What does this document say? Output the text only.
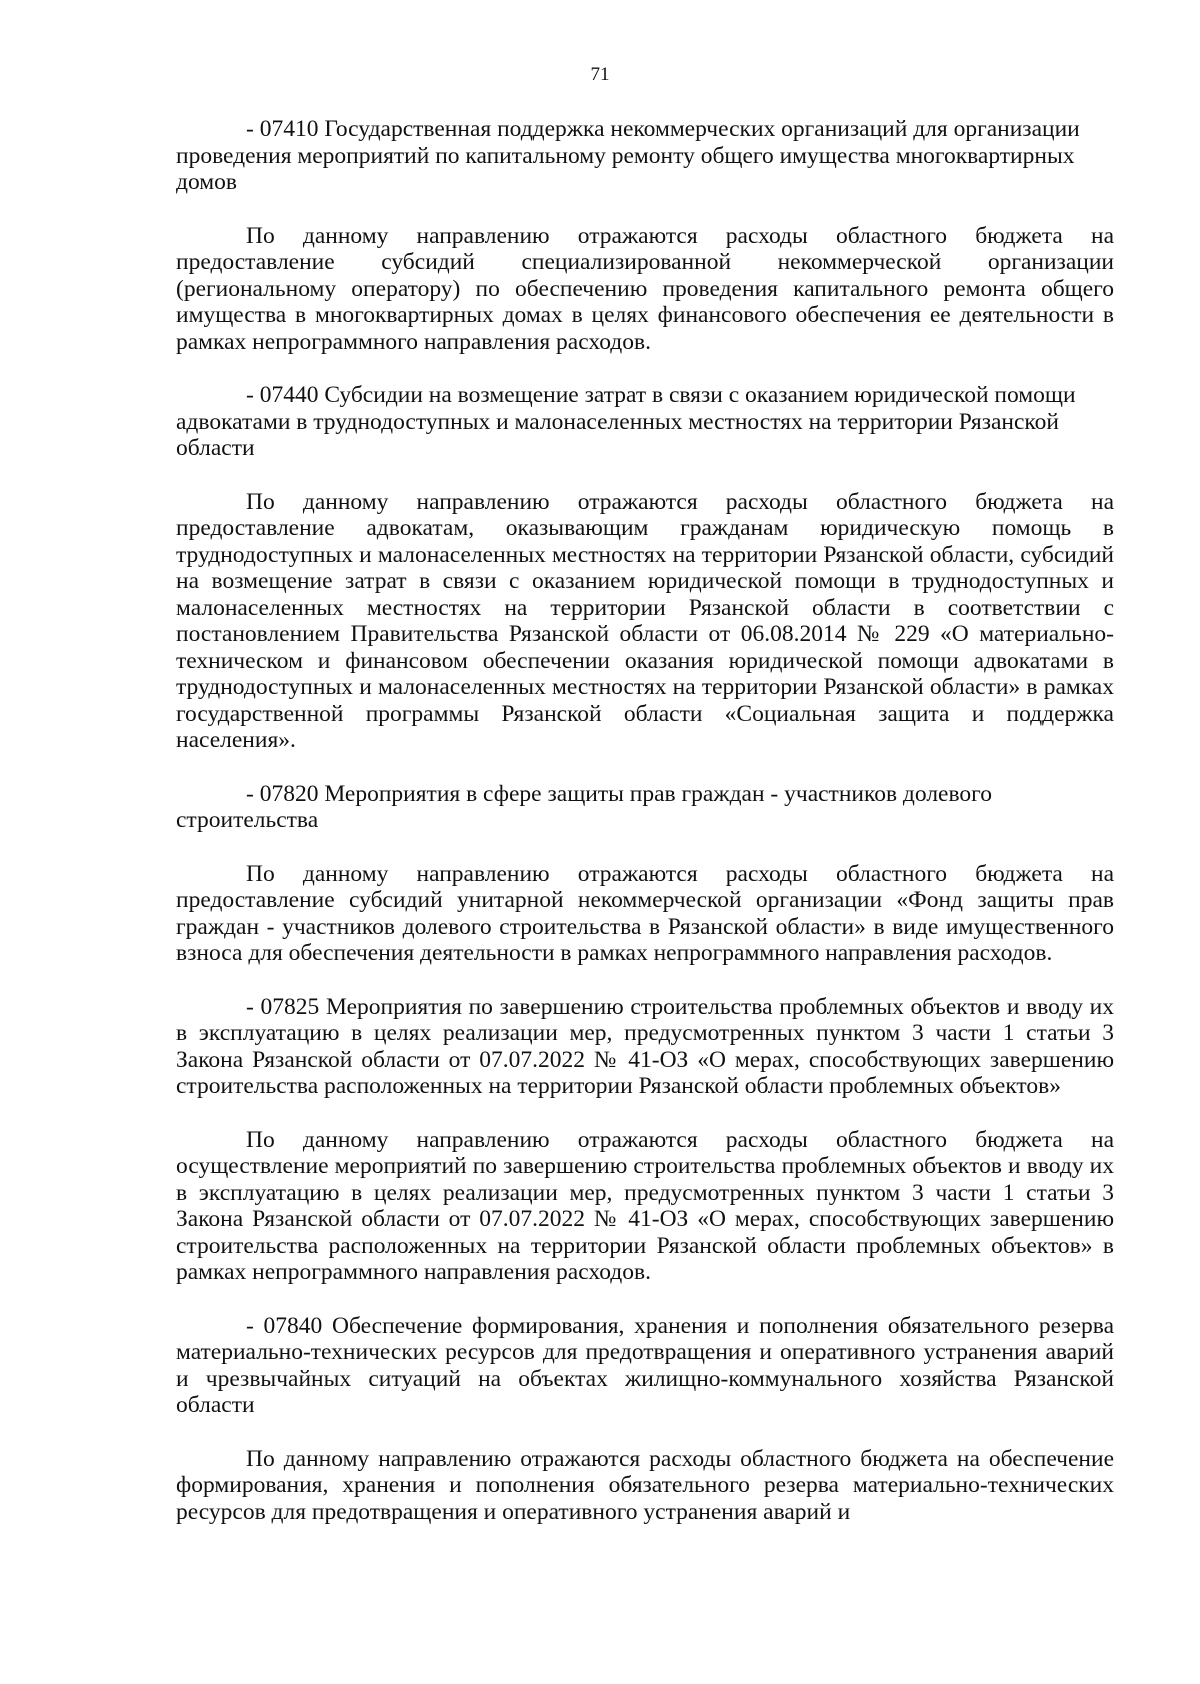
71

- 07410 Государственная поддержка некоммерческих организаций для организации проведения мероприятий по капитальному ремонту общего имущества многоквартирных домов

По данному направлению отражаются расходы областного бюджета на предоставление субсидий специализированной некоммерческой организации (региональному оператору) по обеспечению проведения капитального ремонта общего имущества в многоквартирных домах в целях финансового обеспечения ее деятельности в рамках непрограммного направления расходов.

- 07440 Субсидии на возмещение затрат в связи с оказанием юридической помощи адвокатами в труднодоступных и малонаселенных местностях на территории Рязанской области

По данному направлению отражаются расходы областного бюджета на предоставление адвокатам, оказывающим гражданам юридическую помощь в труднодоступных и малонаселенных местностях на территории Рязанской области, субсидий на возмещение затрат в связи с оказанием юридической помощи в труднодоступных и малонаселенных местностях на территории Рязанской области в соответствии с постановлением Правительства Рязанской области от 06.08.2014 № 229 «О материально-техническом и финансовом обеспечении оказания юридической помощи адвокатами в труднодоступных и малонаселенных местностях на территории Рязанской области» в рамках государственной программы Рязанской области «Социальная защита и поддержка населения».

- 07820 Мероприятия в сфере защиты прав граждан - участников долевого строительства

По данному направлению отражаются расходы областного бюджета на предоставление субсидий унитарной некоммерческой организации «Фонд защиты прав граждан - участников долевого строительства в Рязанской области» в виде имущественного взноса для обеспечения деятельности в рамках непрограммного направления расходов.

- 07825 Мероприятия по завершению строительства проблемных объектов и вводу их в эксплуатацию в целях реализации мер, предусмотренных пунктом 3 части 1 статьи 3 Закона Рязанской области от 07.07.2022 № 41-ОЗ «О мерах, способствующих завершению строительства расположенных на территории Рязанской области проблемных объектов»

По данному направлению отражаются расходы областного бюджета на осуществление мероприятий по завершению строительства проблемных объектов и вводу их в эксплуатацию в целях реализации мер, предусмотренных пунктом 3 части 1 статьи 3 Закона Рязанской области от 07.07.2022 № 41-ОЗ «О мерах, способствующих завершению строительства расположенных на территории Рязанской области проблемных объектов» в рамках непрограммного направления расходов.

- 07840 Обеспечение формирования, хранения и пополнения обязательного резерва материально-технических ресурсов для предотвращения и оперативного устранения аварий и чрезвычайных ситуаций на объектах жилищно-коммунального хозяйства Рязанской области

По данному направлению отражаются расходы областного бюджета на обеспечение формирования, хранения и пополнения обязательного резерва материально-технических ресурсов для предотвращения и оперативного устранения аварий и
